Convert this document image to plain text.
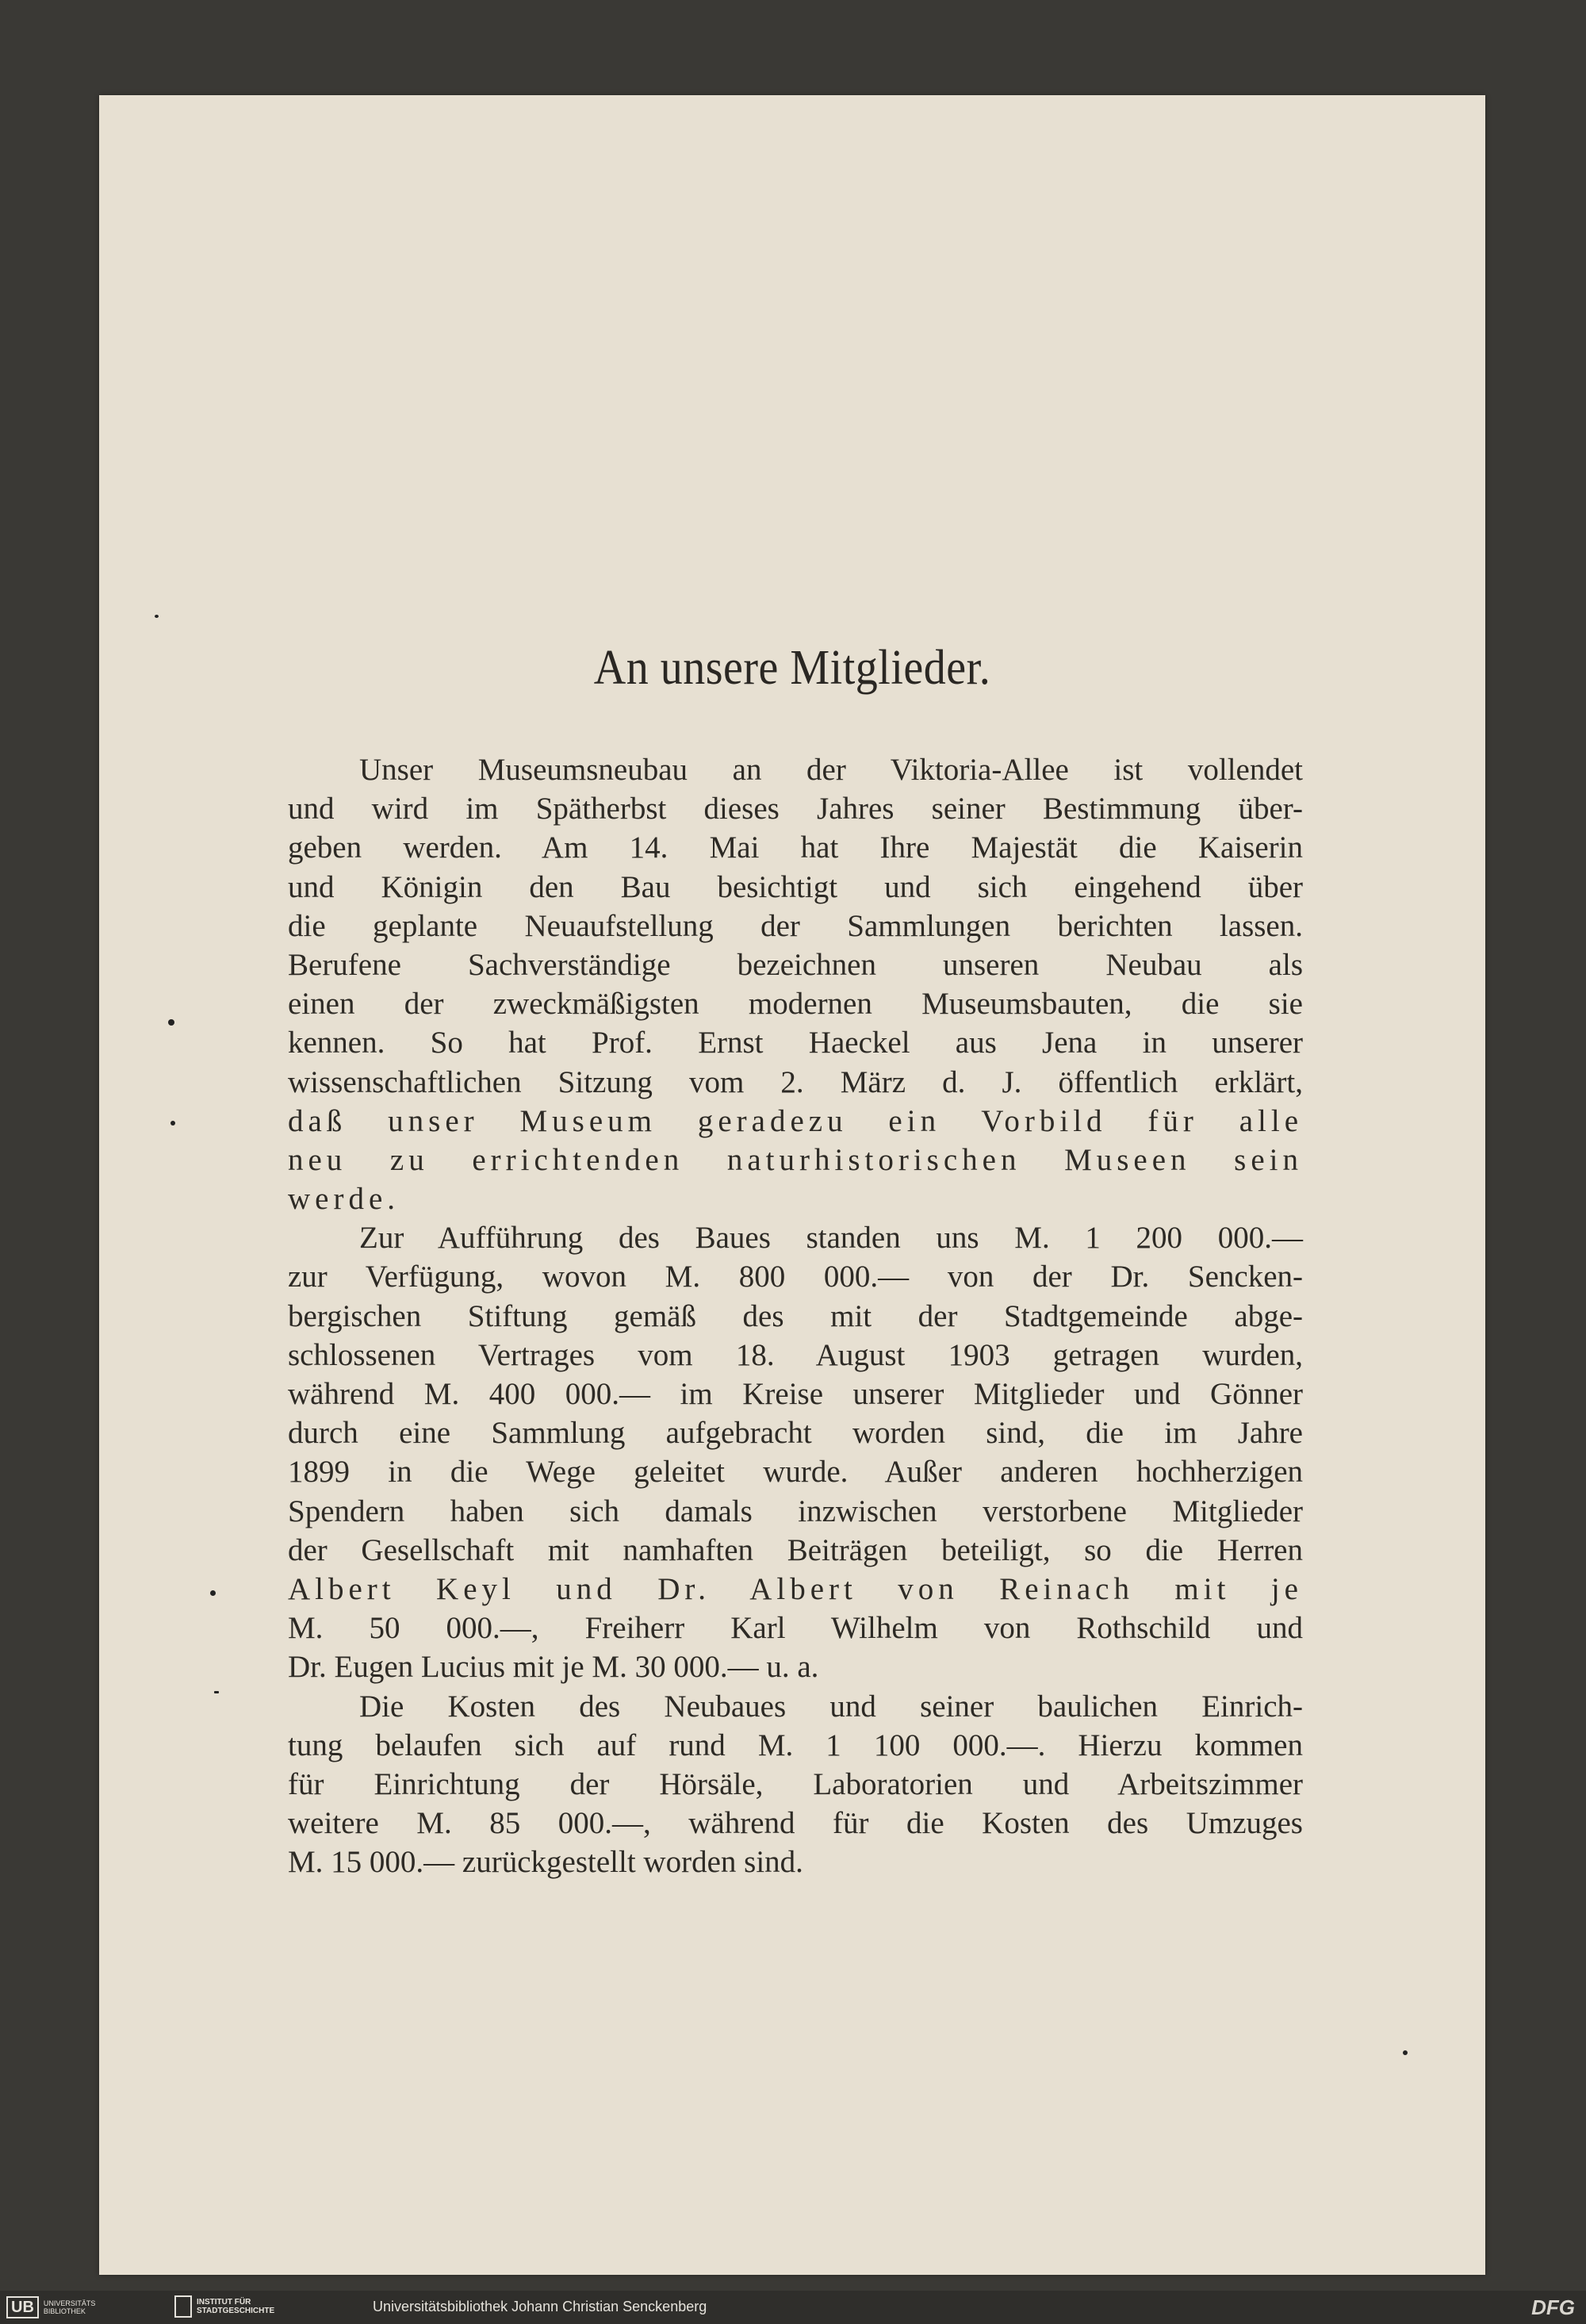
An unsere Mitglieder.
Unser Museumsneubau an der Viktoria-Allee ist vollendet
und wird im Spätherbst dieses Jahres seiner Bestimmung über-
geben werden. Am 14. Mai hat Ihre Majestät die Kaiserin
und Königin den Bau besichtigt und sich eingehend über
die geplante Neuaufstellung der Sammlungen berichten lassen.
Berufene Sachverständige bezeichnen unseren Neubau als
einen der zweckmäßigsten modernen Museumsbauten, die sie
kennen. So hat Prof. Ernst Haeckel aus Jena in unserer
wissenschaftlichen Sitzung vom 2. März d. J. öffentlich erklärt,
daß unser Museum geradezu ein Vorbild für alle
neu zu errichtenden naturhistorischen Museen sein
werde.
Zur Aufführung des Baues standen uns M. 1 200 000.—
zur Verfügung, wovon M. 800 000.— von der Dr. Sencken-
bergischen Stiftung gemäß des mit der Stadtgemeinde abge-
schlossenen Vertrages vom 18. August 1903 getragen wurden,
während M. 400 000.— im Kreise unserer Mitglieder und Gönner
durch eine Sammlung aufgebracht worden sind, die im Jahre
1899 in die Wege geleitet wurde. Außer anderen hochherzigen
Spendern haben sich damals inzwischen verstorbene Mitglieder
der Gesellschaft mit namhaften Beiträgen beteiligt, so die Herren
Albert Keyl und Dr. Albert von Reinach mit je
M. 50 000.—, Freiherr Karl Wilhelm von Rothschild und
Dr. Eugen Lucius mit je M. 30 000.— u. a.
Die Kosten des Neubaues und seiner baulichen Einrich-
tung belaufen sich auf rund M. 1 100 000.—. Hierzu kommen
für Einrichtung der Hörsäle, Laboratorien und Arbeitszimmer
weitere M. 85 000.—, während für die Kosten des Umzuges
M. 15 000.— zurückgestellt worden sind.
UB	UNIVERSITÄTS BIBLIOTHEK
INSTITUT FÜR STADTGESCHICHTE	Universitätsbibliothek Johann Christian Senckenberg	DFG
